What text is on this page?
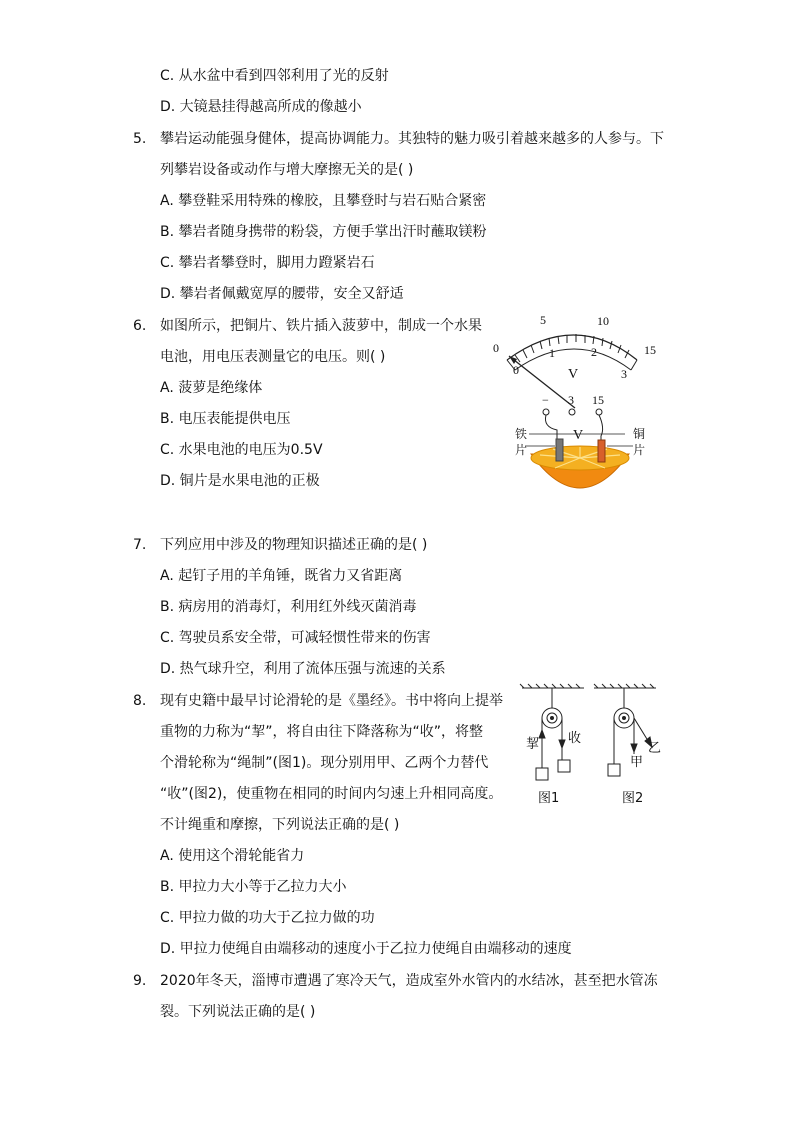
C. 从水盆中看到四邻利用了光的反射
D. 大镜悬挂得越高所成的像越小
5. 攀岩运动能强身健体，提高协调能力。其独特的魅力吸引着越来越多的人参与。下
列攀岩设备或动作与增大摩擦无关的是( )
A. 攀登鞋采用特殊的橡胶，且攀登时与岩石贴合紧密
B. 攀岩者随身携带的粉袋，方便手掌出汗时蘸取镁粉
C. 攀岩者攀登时，脚用力蹬紧岩石
D. 攀岩者佩戴宽厚的腰带，安全又舒适
6. 如图所示，把铜片、铁片插入菠萝中，制成一个水果
电池，用电压表测量它的电压。则( )
A. 菠萝是绝缘体
B. 电压表能提供电压
C. 水果电池的电压为0.5V
D. 铜片是水果电池的正极
0
5	10
15
0
1	2
3
V
− 3 15
V
铁
片
铜
片
7. 下列应用中涉及的物理知识描述正确的是( )
A. 起钉子用的羊角锤，既省力又省距离
B. 病房用的消毒灯，利用红外线灭菌消毒
C. 驾驶员系安全带，可减轻惯性带来的伤害
D. 热气球升空，利用了流体压强与流速的关系
8. 现有史籍中最早讨论滑轮的是《墨经》。书中将向上提举
重物的力称为“挈”，将自由往下降落称为“收”，将整
个滑轮称为“绳制”(图1)。现分别用甲、乙两个力替代
“收”(图2)，使重物在相同的时间内匀速上升相同高度。
不计绳重和摩擦，下列说法正确的是( )
A. 使用这个滑轮能省力
B. 甲拉力大小等于乙拉力大小
C. 甲拉力做的功大于乙拉力做的功
D. 甲拉力使绳自由端移动的速度小于乙拉力使绳自由端移动的速度
挈 收
甲
乙
图1	图2
9. 2020年冬天，淄博市遭遇了寒冷天气，造成室外水管内的水结冰，甚至把水管冻
裂。下列说法正确的是( )
